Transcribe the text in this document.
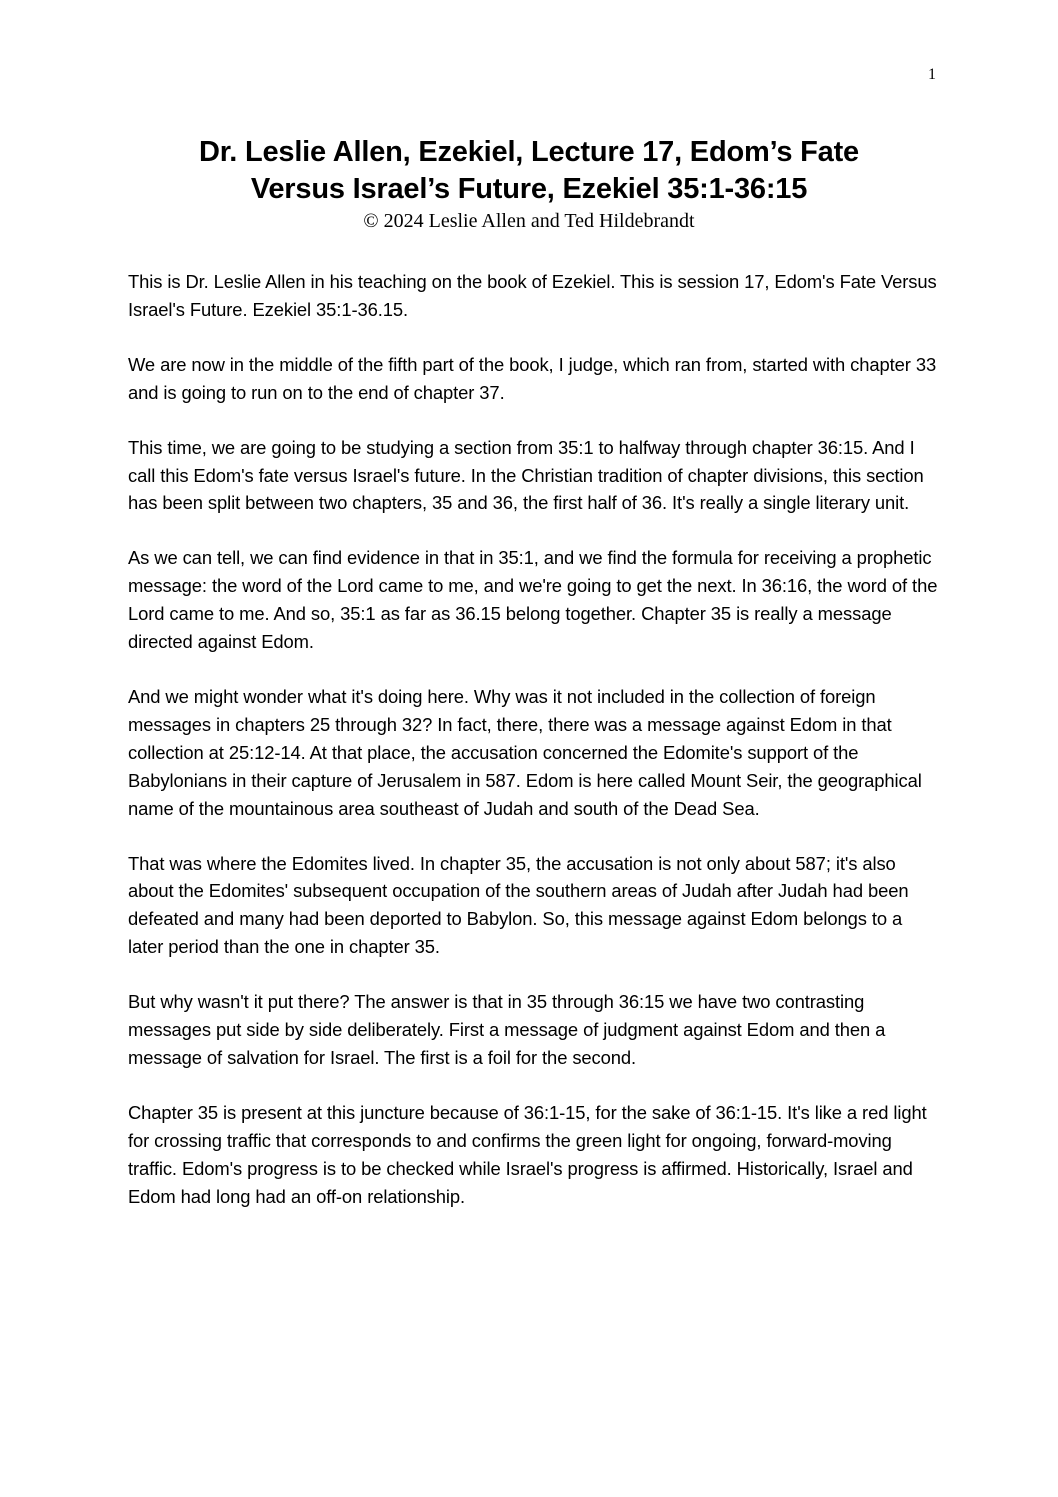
1
Dr. Leslie Allen, Ezekiel, Lecture 17, Edom’s Fate
Versus Israel’s Future, Ezekiel 35:1-36:15

© 2024 Leslie Allen and Ted Hildebrandt

This is Dr. Leslie Allen in his teaching on the book of Ezekiel. This is session 17, Edom's Fate Versus Israel's Future. Ezekiel 35:1-36.15.

We are now in the middle of the fifth part of the book, I judge, which ran from, started with chapter 33 and is going to run on to the end of chapter 37.

This time, we are going to be studying a section from 35:1 to halfway through chapter 36:15. And I call this Edom's fate versus Israel's future. In the Christian tradition of chapter divisions, this section has been split between two chapters, 35 and 36, the first half of 36. It's really a single literary unit.

As we can tell, we can find evidence in that in 35:1, and we find the formula for receiving a prophetic message: the word of the Lord came to me, and we're going to get the next. In 36:16, the word of the Lord came to me. And so, 35:1 as far as 36.15 belong together. Chapter 35 is really a message directed against Edom.

And we might wonder what it's doing here. Why was it not included in the collection of foreign messages in chapters 25 through 32? In fact, there, there was a message against Edom in that collection at 25:12-14. At that place, the accusation concerned the Edomite's support of the Babylonians in their capture of Jerusalem in 587. Edom is here called Mount Seir, the geographical name of the mountainous area southeast of Judah and south of the Dead Sea.

That was where the Edomites lived. In chapter 35, the accusation is not only about 587; it's also about the Edomites' subsequent occupation of the southern areas of Judah after Judah had been defeated and many had been deported to Babylon. So, this message against Edom belongs to a later period than the one in chapter 35.

But why wasn't it put there? The answer is that in 35 through 36:15 we have two contrasting messages put side by side deliberately. First a message of judgment against Edom and then a message of salvation for Israel. The first is a foil for the second.

Chapter 35 is present at this juncture because of 36:1-15, for the sake of 36:1-15. It's like a red light for crossing traffic that corresponds to and confirms the green light for ongoing, forward-moving traffic. Edom's progress is to be checked while Israel's progress is affirmed. Historically, Israel and Edom had long had an off-on relationship.
